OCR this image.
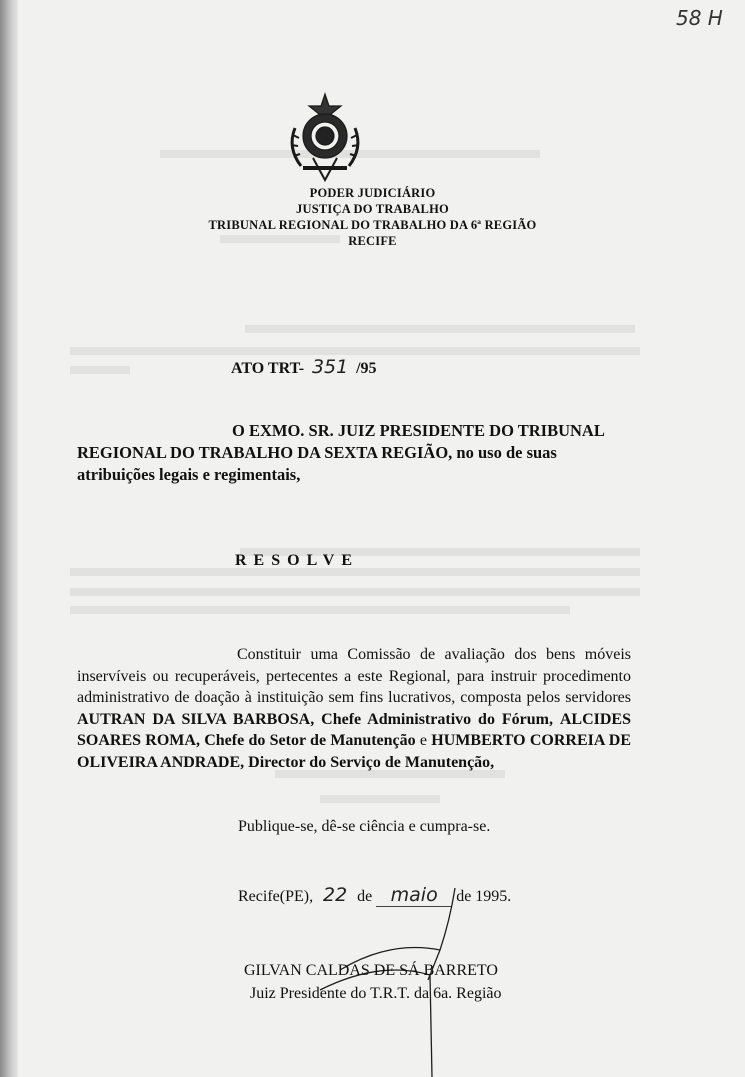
58 H
PODER JUDICIÁRIO
JUSTIÇA DO TRABALHO
TRIBUNAL REGIONAL DO TRABALHO DA 6ª REGIÃO
RECIFE
ATO TRT- 351 /95
O EXMO. SR. JUIZ PRESIDENTE DO TRIBUNAL REGIONAL DO TRABALHO DA SEXTA REGIÃO, no uso de suas atribuições legais e regimentais,
RESOLVE
Constituir uma Comissão de avaliação dos bens móveis inservíveis ou recuperáveis, pertecentes a este Regional, para instruir procedimento administrativo de doação à instituição sem fins lucrativos, composta pelos servidores AUTRAN DA SILVA BARBOSA, Chefe Administrativo do Fórum, ALCIDES SOARES ROMA, Chefe do Setor de Manutenção e HUMBERTO CORREIA DE OLIVEIRA ANDRADE, Director do Serviço de Manutenção,
Publique-se, dê-se ciência e cumpra-se.
Recife(PE), 22 de maio de 1995.
GILVAN CALDAS DE SÁ BARRETO
Juiz Presidente do T.R.T. da 6a. Região
